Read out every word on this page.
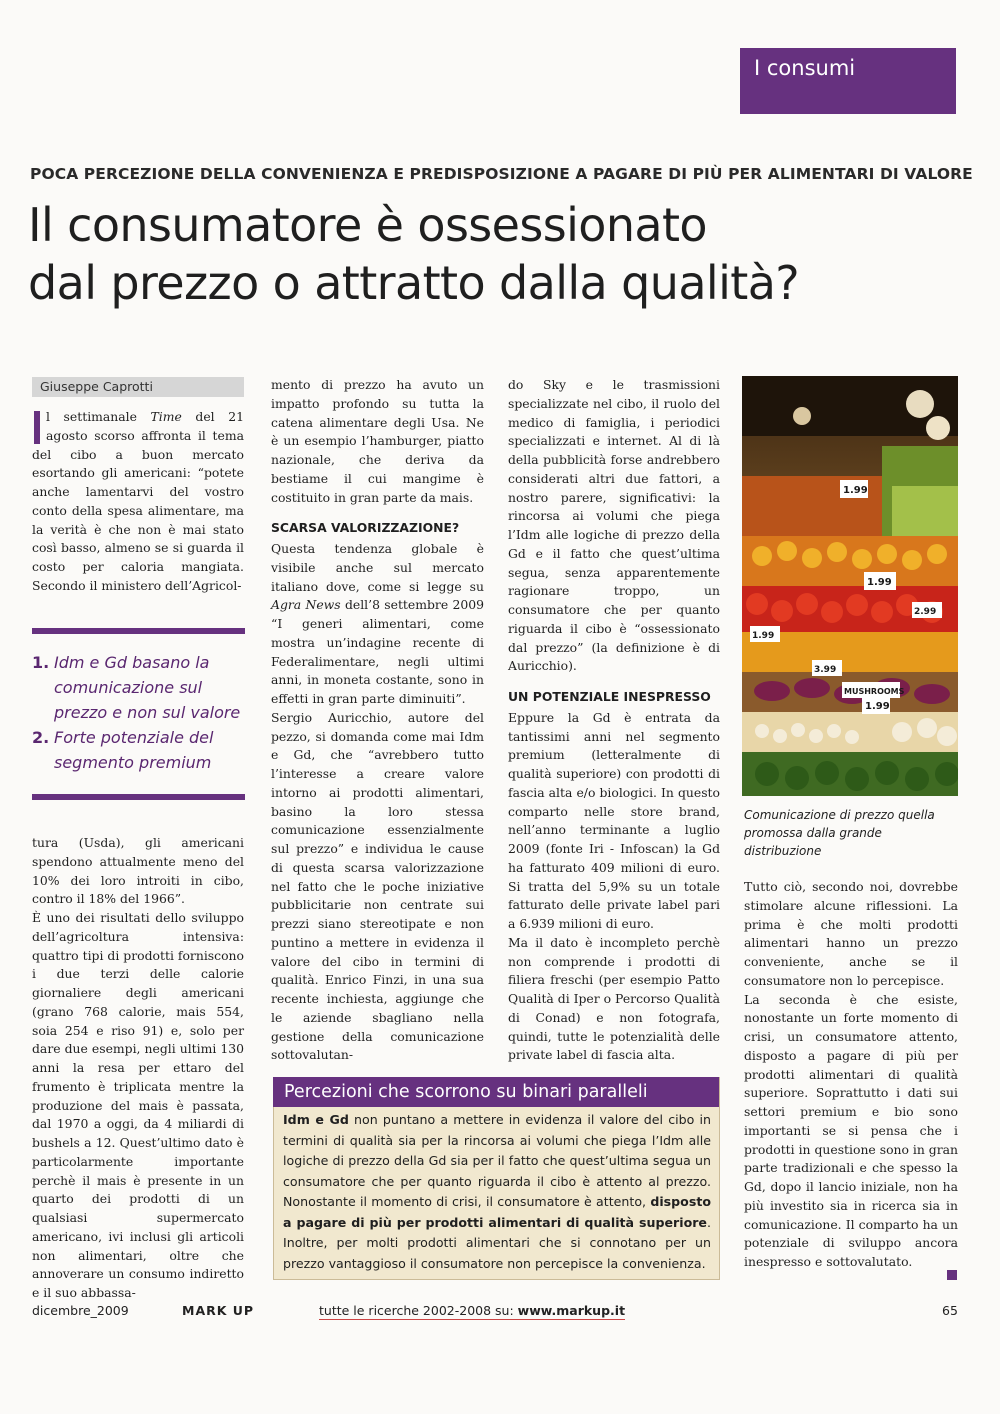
I consumi
POCA PERCEZIONE DELLA CONVENIENZA E PREDISPOSIZIONE A PAGARE DI PIÙ PER ALIMENTARI DI VALORE
Il consumatore è ossessionato
dal prezzo o attratto dalla qualità?
Giuseppe Caprotti

l settimanale Time del 21 agosto scorso affronta il tema del cibo a buon mercato esortando gli americani: “potete anche lamentarvi del vostro conto della spesa alimentare, ma la verità è che non è mai stato così basso, almeno se si guarda il costo per caloria mangiata. Secondo il ministero dell’Agricol-

1. Idm e Gd basano la comunicazione sul prezzo e non sul valore
2. Forte potenziale del segmento premium

tura (Usda), gli americani spendono attualmente meno del 10% dei loro introiti in cibo, contro il 18% del 1966”.

È uno dei risultati dello sviluppo dell’agricoltura intensiva: quattro tipi di prodotti forniscono i due terzi delle calorie giornaliere degli americani (grano 768 calorie, mais 554, soia 254 e riso 91) e, solo per dare due esempi, negli ultimi 130 anni la resa per ettaro del frumento è triplicata mentre la produzione del mais è passata, dal 1970 a oggi, da 4 miliardi di bushels a 12. Quest’ultimo dato è particolarmente importante perchè il mais è presente in un quarto dei prodotti di un qualsiasi supermercato americano, ivi inclusi gli articoli non alimentari, oltre che annoverare un consumo indiretto e il suo abbassa-

mento di prezzo ha avuto un impatto profondo su tutta la catena alimentare degli Usa. Ne è un esempio l’hamburger, piatto nazionale, che deriva da bestiame il cui mangime è costituito in gran parte da mais.

SCARSA VALORIZZAZIONE?

Questa tendenza globale è visibile anche sul mercato italiano dove, come si legge su Agra News dell’8 settembre 2009 “I generi alimentari, come mostra un’indagine recente di Federalimentare, negli ultimi anni, in moneta costante, sono in effetti in gran parte diminuiti”.

Sergio Auricchio, autore del pezzo, si domanda come mai Idm e Gd, che “avrebbero tutto l’interesse a creare valore intorno ai prodotti alimentari, basino la loro stessa comunicazione essenzialmente sul prezzo” e individua le cause di questa scarsa valorizzazione nel fatto che le poche iniziative pubblicitarie non centrate sui prezzi siano stereotipate e non puntino a mettere in evidenza il valore del cibo in termini di qualità. Enrico Finzi, in una sua recente inchiesta, aggiunge che le aziende sbagliano nella gestione della comunicazione sottovalutan-

do Sky e le trasmissioni specializzate nel cibo, il ruolo del medico di famiglia, i periodici specializzati e internet. Al di là della pubblicità forse andrebbero considerati altri due fattori, a nostro parere, significativi: la rincorsa ai volumi che piega l’Idm alle logiche di prezzo della Gd e il fatto che quest’ultima segua, senza apparentemente ragionare troppo, un consumatore che per quanto riguarda il cibo è “ossessionato dal prezzo” (la definizione è di Auricchio).

UN POTENZIALE INESPRESSO

Eppure la Gd è entrata da tantissimi anni nel segmento premium (letteralmente di qualità superiore) con prodotti di fascia alta e/o biologici. In questo comparto nelle store brand, nell’anno terminante a luglio 2009 (fonte Iri - Infoscan) la Gd ha fatturato 409 milioni di euro. Si tratta del 5,9% su un totale fatturato delle private label pari a 6.939 milioni di euro.

Ma il dato è incompleto perchè non comprende i prodotti di filiera freschi (per esempio Patto Qualità di Iper o Percorso Qualità di Conad) e non fotografa, quindi, tutte le potenzialità delle private label di fascia alta.

1.99
1.99
2.99
1.99
3.99
MUSHROOMS
1.99
Comunicazione di prezzo quella promossa dalla grande distribuzione

Tutto ciò, secondo noi, dovrebbe stimolare alcune riflessioni. La prima è che molti prodotti alimentari hanno un prezzo conveniente, anche se il consumatore non lo percepisce.

La seconda è che esiste, nonostante un forte momento di crisi, un consumatore attento, disposto a pagare di più per prodotti alimentari di qualità superiore. Soprattutto i dati sui settori premium e bio sono importanti se si pensa che i prodotti in questione sono in gran parte tradizionali e che spesso la Gd, dopo il lancio iniziale, non ha più investito sia in ricerca sia in comunicazione. Il comparto ha un potenziale di sviluppo ancora inespresso e sottovalutato.

Percezioni che scorrono su binari paralleli
Idm e Gd non puntano a mettere in evidenza il valore del cibo in termini di qualità sia per la rincorsa ai volumi che piega l’Idm alle logiche di prezzo della Gd sia per il fatto che quest’ultima segua un consumatore che per quanto riguarda il cibo è attento al prezzo. Nonostante il momento di crisi, il consumatore è attento, disposto a pagare di più per prodotti alimentari di qualità superiore. Inoltre, per molti prodotti alimentari che si connotano per un prezzo vantaggioso il consumatore non percepisce la convenienza.
dicembre_2009	MARK UP	tutte le ricerche 2002-2008 su: www.markup.it	65
